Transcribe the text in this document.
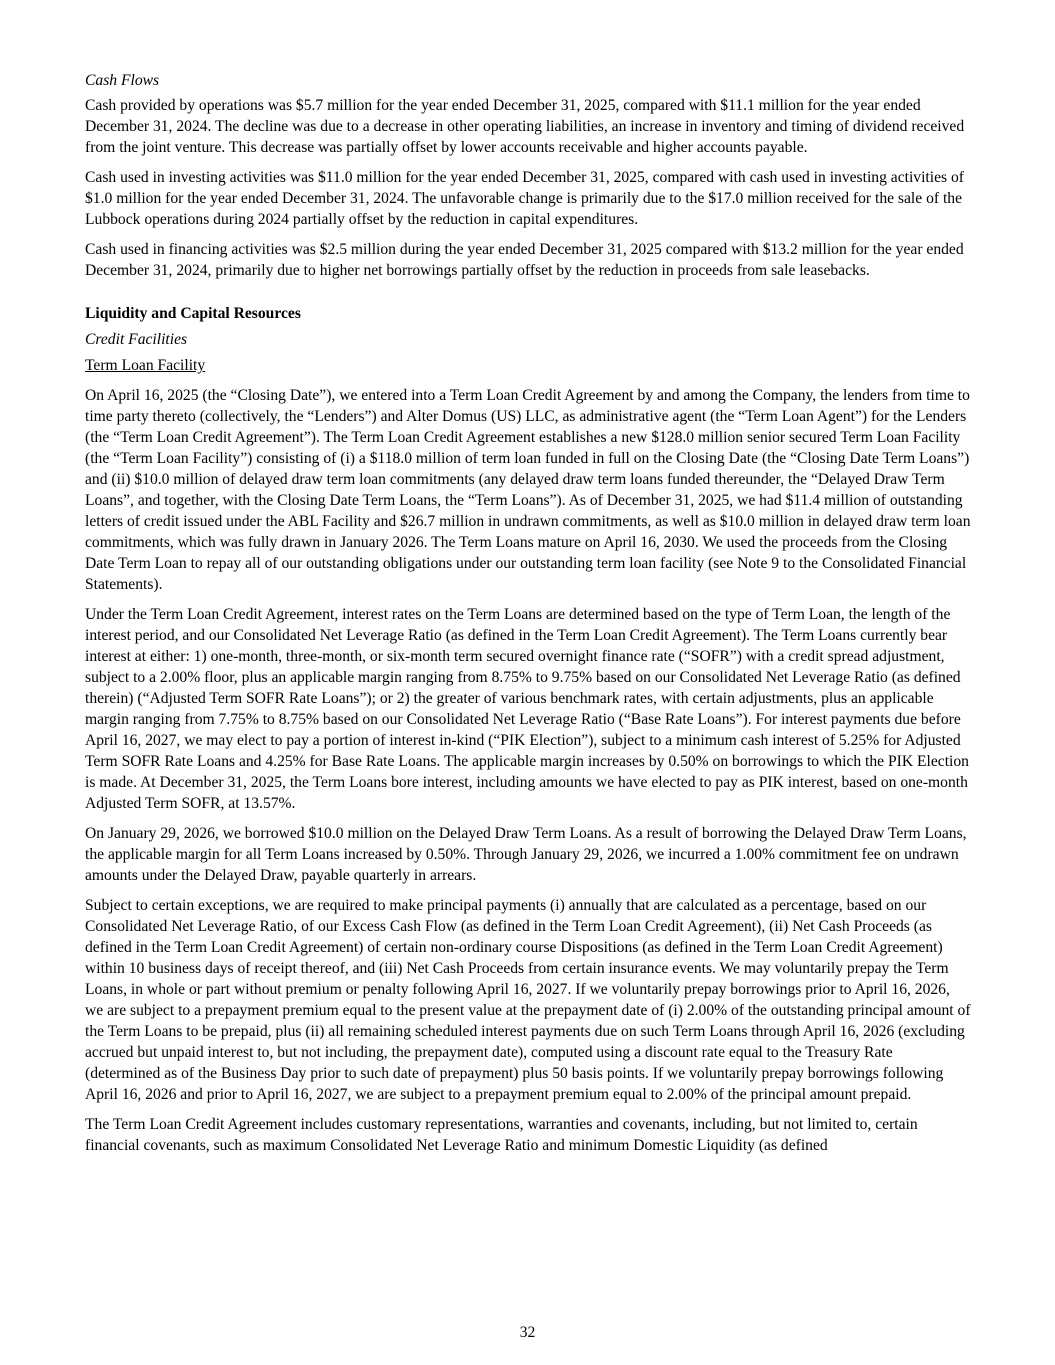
Cash Flows

Cash provided by operations was $5.7 million for the year ended December 31, 2025, compared with $11.1 million for the year ended December 31, 2024. The decline was due to a decrease in other operating liabilities, an increase in inventory and timing of dividend received from the joint venture. This decrease was partially offset by lower accounts receivable and higher accounts payable.

Cash used in investing activities was $11.0 million for the year ended December 31, 2025, compared with cash used in investing activities of $1.0 million for the year ended December 31, 2024. The unfavorable change is primarily due to the $17.0 million received for the sale of the Lubbock operations during 2024 partially offset by the reduction in capital expenditures.

Cash used in financing activities was $2.5 million during the year ended December 31, 2025 compared with $13.2 million for the year ended December 31, 2024, primarily due to higher net borrowings partially offset by the reduction in proceeds from sale leasebacks.

Liquidity and Capital Resources

Credit Facilities

Term Loan Facility

On April 16, 2025 (the “Closing Date”), we entered into a Term Loan Credit Agreement by and among the Company, the lenders from time to time party thereto (collectively, the “Lenders”) and Alter Domus (US) LLC, as administrative agent (the “Term Loan Agent”) for the Lenders (the “Term Loan Credit Agreement”). The Term Loan Credit Agreement establishes a new $128.0 million senior secured Term Loan Facility (the “Term Loan Facility”) consisting of (i) a $118.0 million of term loan funded in full on the Closing Date (the “Closing Date Term Loans”) and (ii) $10.0 million of delayed draw term loan commitments (any delayed draw term loans funded thereunder, the “Delayed Draw Term Loans”, and together, with the Closing Date Term Loans, the “Term Loans”). As of December 31, 2025, we had $11.4 million of outstanding letters of credit issued under the ABL Facility and $26.7 million in undrawn commitments, as well as $10.0 million in delayed draw term loan commitments, which was fully drawn in January 2026. The Term Loans mature on April 16, 2030. We used the proceeds from the Closing Date Term Loan to repay all of our outstanding obligations under our outstanding term loan facility (see Note 9 to the Consolidated Financial Statements).

Under the Term Loan Credit Agreement, interest rates on the Term Loans are determined based on the type of Term Loan, the length of the interest period, and our Consolidated Net Leverage Ratio (as defined in the Term Loan Credit Agreement). The Term Loans currently bear interest at either: 1) one-month, three-month, or six-month term secured overnight finance rate (“SOFR”) with a credit spread adjustment, subject to a 2.00% floor, plus an applicable margin ranging from 8.75% to 9.75% based on our Consolidated Net Leverage Ratio (as defined therein) (“Adjusted Term SOFR Rate Loans”); or 2) the greater of various benchmark rates, with certain adjustments, plus an applicable margin ranging from 7.75% to 8.75% based on our Consolidated Net Leverage Ratio (“Base Rate Loans”). For interest payments due before April 16, 2027, we may elect to pay a portion of interest in-kind (“PIK Election”), subject to a minimum cash interest of 5.25% for Adjusted Term SOFR Rate Loans and 4.25% for Base Rate Loans. The applicable margin increases by 0.50% on borrowings to which the PIK Election is made. At December 31, 2025, the Term Loans bore interest, including amounts we have elected to pay as PIK interest, based on one-month Adjusted Term SOFR, at 13.57%.

On January 29, 2026, we borrowed $10.0 million on the Delayed Draw Term Loans. As a result of borrowing the Delayed Draw Term Loans, the applicable margin for all Term Loans increased by 0.50%. Through January 29, 2026, we incurred a 1.00% commitment fee on undrawn amounts under the Delayed Draw, payable quarterly in arrears.

Subject to certain exceptions, we are required to make principal payments (i) annually that are calculated as a percentage, based on our Consolidated Net Leverage Ratio, of our Excess Cash Flow (as defined in the Term Loan Credit Agreement), (ii) Net Cash Proceeds (as defined in the Term Loan Credit Agreement) of certain non-ordinary course Dispositions (as defined in the Term Loan Credit Agreement) within 10 business days of receipt thereof, and (iii) Net Cash Proceeds from certain insurance events. We may voluntarily prepay the Term Loans, in whole or part without premium or penalty following April 16, 2027. If we voluntarily prepay borrowings prior to April 16, 2026, we are subject to a prepayment premium equal to the present value at the prepayment date of (i) 2.00% of the outstanding principal amount of the Term Loans to be prepaid, plus (ii) all remaining scheduled interest payments due on such Term Loans through April 16, 2026 (excluding accrued but unpaid interest to, but not including, the prepayment date), computed using a discount rate equal to the Treasury Rate (determined as of the Business Day prior to such date of prepayment) plus 50 basis points. If we voluntarily prepay borrowings following April 16, 2026 and prior to April 16, 2027, we are subject to a prepayment premium equal to 2.00% of the principal amount prepaid.

The Term Loan Credit Agreement includes customary representations, warranties and covenants, including, but not limited to, certain financial covenants, such as maximum Consolidated Net Leverage Ratio and minimum Domestic Liquidity (as defined

32
